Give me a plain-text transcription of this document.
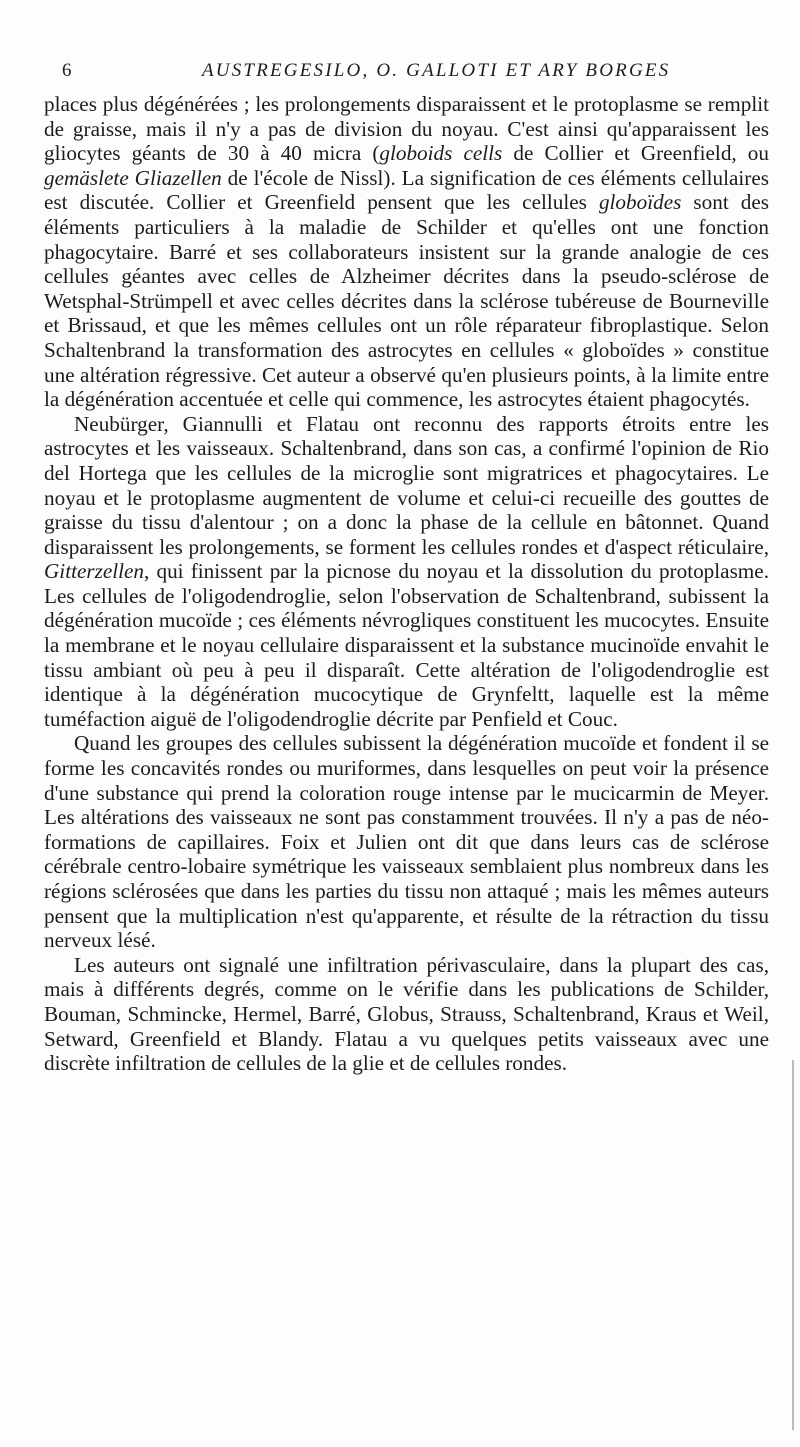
6	AUSTREGESILO, O. GALLOTI ET ARY BORGES

places plus dégénérées ; les prolongements disparaissent et le protoplasme se remplit de graisse, mais il n'y a pas de division du noyau. C'est ainsi qu'apparaissent les gliocytes géants de 30 à 40 micra (globoids cells de Collier et Greenfield, ou gemäslete Gliazellen de l'école de Nissl). La signification de ces éléments cellulaires est discutée. Collier et Greenfield pensent que les cellules globoïdes sont des éléments particuliers à la maladie de Schilder et qu'elles ont une fonction phagocytaire. Barré et ses collaborateurs insistent sur la grande analogie de ces cellules géantes avec celles de Alzheimer décrites dans la pseudo-sclérose de Wetsphal-Strümpell et avec celles décrites dans la sclérose tubéreuse de Bourneville et Brissaud, et que les mêmes cellules ont un rôle réparateur fibroplastique. Selon Schaltenbrand la transformation des astrocytes en cellules « globoïdes » constitue une altération régressive. Cet auteur a observé qu'en plusieurs points, à la limite entre la dégénération accentuée et celle qui commence, les astrocytes étaient phagocytés.

Neubürger, Giannulli et Flatau ont reconnu des rapports étroits entre les astrocytes et les vaisseaux. Schaltenbrand, dans son cas, a confirmé l'opinion de Rio del Hortega que les cellules de la microglie sont migratrices et phagocytaires. Le noyau et le protoplasme augmentent de volume et celui-ci recueille des gouttes de graisse du tissu d'alentour ; on a donc la phase de la cellule en bâtonnet. Quand disparaissent les prolongements, se forment les cellules rondes et d'aspect réticulaire, Gitterzellen, qui finissent par la picnose du noyau et la dissolution du protoplasme. Les cellules de l'oligodendroglie, selon l'observation de Schaltenbrand, subissent la dégénération mucoïde ; ces éléments névrogliques constituent les mucocytes. Ensuite la membrane et le noyau cellulaire disparaissent et la substance mucinoïde envahit le tissu ambiant où peu à peu il disparaît. Cette altération de l'oligodendroglie est identique à la dégénération mucocytique de Grynfeltt, laquelle est la même tuméfaction aiguë de l'oligodendroglie décrite par Penfield et Couc.

Quand les groupes des cellules subissent la dégénération mucoïde et fondent il se forme les concavités rondes ou muriformes, dans lesquelles on peut voir la présence d'une substance qui prend la coloration rouge intense par le mucicarmin de Meyer. Les altérations des vaisseaux ne sont pas constamment trouvées. Il n'y a pas de néo-formations de capillaires. Foix et Julien ont dit que dans leurs cas de sclérose cérébrale centro-lobaire symétrique les vaisseaux semblaient plus nombreux dans les régions sclérosées que dans les parties du tissu non attaqué ; mais les mêmes auteurs pensent que la multiplication n'est qu'apparente, et résulte de la rétraction du tissu nerveux lésé.

Les auteurs ont signalé une infiltration périvasculaire, dans la plupart des cas, mais à différents degrés, comme on le vérifie dans les publications de Schilder, Bouman, Schmincke, Hermel, Barré, Globus, Strauss, Schaltenbrand, Kraus et Weil, Setward, Greenfield et Blandy. Flatau a vu quelques petits vaisseaux avec une discrète infiltration de cellules de la glie et de cellules rondes.
